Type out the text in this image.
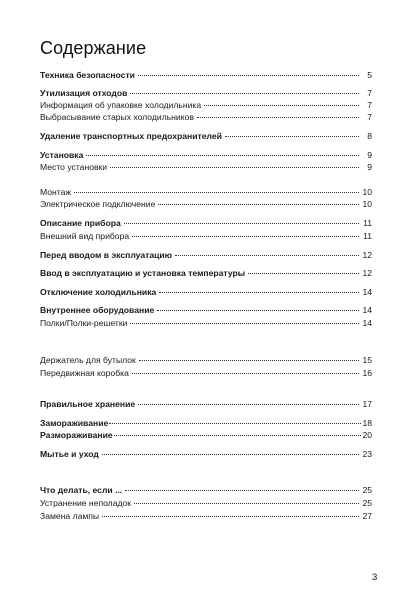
Содержание
Техника безопасности	5
Утилизация отходов	7
Информация об упаковке холодильника	7
Выбрасывание старых холодильников	7
Удаление транспортных предохранителей	8
Установка	9
Место установки	9
Монтаж	10
Электрическое подключение	10
Описание прибора	11
Внешний вид прибора	11
Перед вводом в эксплуатацию	12
Ввод в эксплуатацию и установка температуры	12
Отключение холодильника	14
Внутреннее оборудование	14
Полки/Полки-решетки	14
Держатель для бутылок	15
Передвижная коробка	16
Правильное хранение	17
Замораживание	18
Размораживание	20
Мытье и уход	23
Что делать, если ...	25
Устранение неполадок	25
Замена лампы	27
3
